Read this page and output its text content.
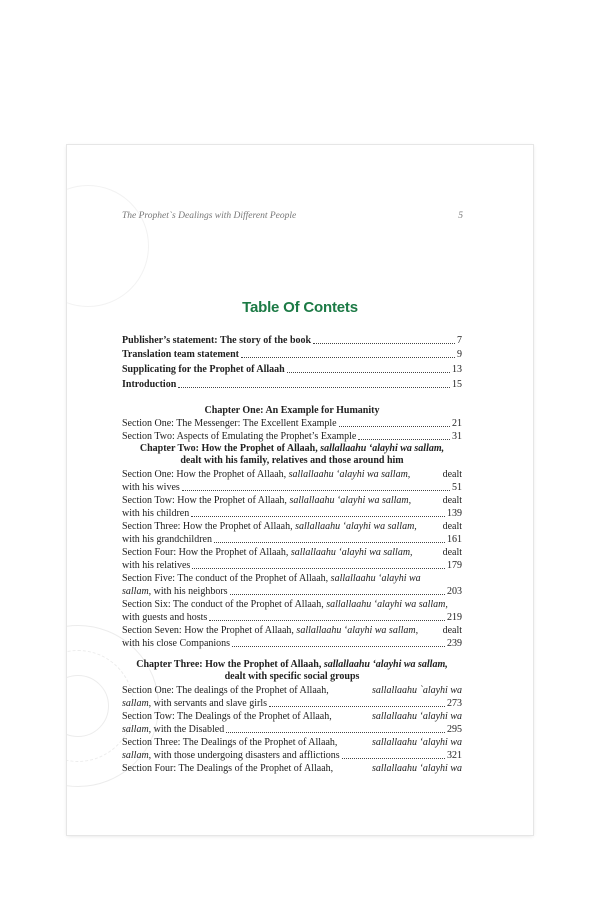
The Prophet`s Dealings with Different People	5
Table Of Contets
Publisher’s statement: The story of the book	7
Translation team statement	9
Supplicating for the Prophet of Allaah	13
Introduction	15
Chapter One: An Example for Humanity
Section One: The Messenger: The Excellent Example	21
Section Two: Aspects of Emulating the Prophet’s Example	31
Chapter Two: How the Prophet of Allaah, sallallaahu ‘alayhi wa sallam,
dealt with his family, relatives and those around him
Section One: How the Prophet of Allaah, sallallaahu ‘alayhi wa sallam,	dealt
with his wives	51
Section Tow: How the Prophet of Allaah, sallallaahu ‘alayhi wa sallam,	dealt
with his children	139
Section Three: How the Prophet of Allaah, sallallaahu ‘alayhi wa sallam,	dealt
with his grandchildren	161
Section Four: How the Prophet of Allaah, sallallaahu ‘alayhi wa sallam,	dealt
with his relatives	179
Section Five: The conduct of the Prophet of Allaah, sallallaahu ‘alayhi wa
sallam, with his neighbors	203
Section Six: The conduct of the Prophet of Allaah, sallallaahu ‘alayhi wa sallam,
with guests and hosts	219
Section Seven: How the Prophet of Allaah, sallallaahu ‘alayhi wa sallam, dealt
with his close Companions	239
Chapter Three: How the Prophet of Allaah, sallallaahu ‘alayhi wa sallam,
dealt with specific social groups
Section One: The dealings of the Prophet of Allaah,	sallallaahu `alayhi wa
sallam, with servants and slave girls	273
Section Tow: The Dealings of the Prophet of Allaah,	sallallaahu ‘alayhi wa
sallam, with the Disabled	295
Section Three: The Dealings of the Prophet of Allaah,	sallallaahu ‘alayhi wa
sallam, with those undergoing disasters and afflictions	321
Section Four: The Dealings of the Prophet of Allaah,	sallallaahu ‘alayhi wa
